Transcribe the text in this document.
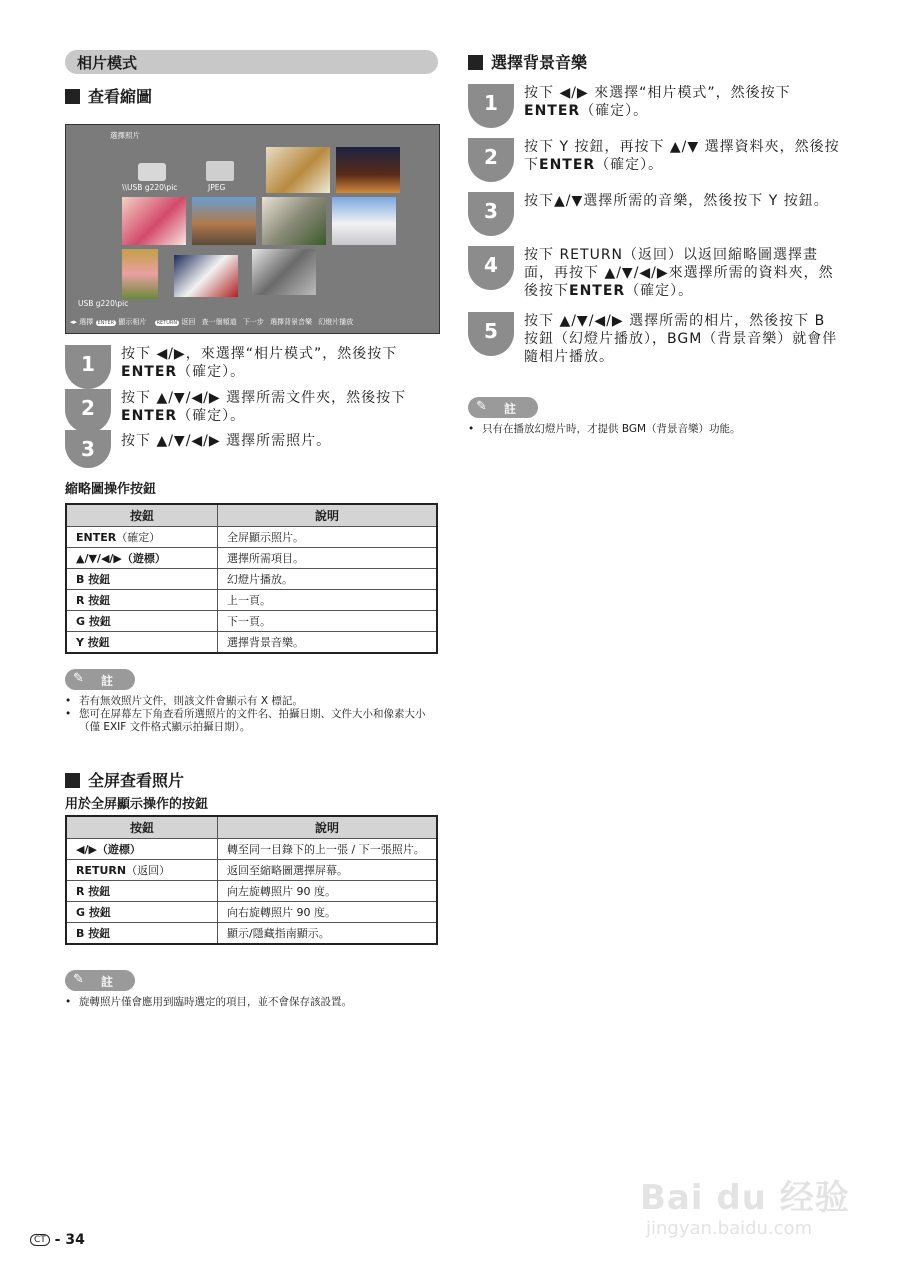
相片模式
查看縮圖
選擇照片
\\USB g220\pic	JPEG
USB g220\pic
◂▸ 選擇 ENTER 顯示相片 RETURN 返回 查一個頻道 下一步 選擇背景音樂 幻燈片播放
1	按下 ◀/▶，來選擇“相片模式”，然後按下
ENTER（確定）。
2	按下 ▲/▼/◀/▶ 選擇所需文件夾，然後按下
ENTER（確定）。
3	按下 ▲/▼/◀/▶ 選擇所需照片。
縮略圖操作按鈕
按鈕	說明
ENTER（確定）	全屏顯示照片。
▲/▼/◀/▶（遊標）	選擇所需項目。
B 按鈕	幻燈片播放。
R 按鈕	上一頁。
G 按鈕	下一頁。
Y 按鈕	選擇背景音樂。
✎ 註
• 若有無效照片文件，則該文件會顯示有 X 標記。
• 您可在屏幕左下角查看所選照片的文件名、拍攝日期、文件大小和像素大小（僅 EXIF 文件格式顯示拍攝日期）。
全屏查看照片
用於全屏顯示操作的按鈕
按鈕	說明
◀/▶（遊標）	轉至同一目錄下的上一張 / 下一張照片。
RETURN（返回）	返回至縮略圖選擇屏幕。
R 按鈕	向左旋轉照片 90 度。
G 按鈕	向右旋轉照片 90 度。
B 按鈕	顯示/隱藏指南顯示。
✎ 註
• 旋轉照片僅會應用到臨時選定的項目，並不會保存該設置。
選擇背景音樂
1	按下 ◀/▶ 來選擇“相片模式”，然後按下
ENTER（確定）。
2	按下 Y 按鈕，再按下 ▲/▼ 選擇資料夾，然後按下ENTER（確定）。
3	按下▲/▼選擇所需的音樂，然後按下 Y 按鈕。
4	按下 RETURN（返回）以返回縮略圖選擇畫面，再按下 ▲/▼/◀/▶來選擇所需的資料夾，然後按下ENTER（確定）。
5	按下 ▲/▼/◀/▶ 選擇所需的相片，然後按下 B 按鈕（幻燈片播放），BGM（背景音樂）就會伴隨相片播放。
✎ 註
• 只有在播放幻燈片時，才提供 BGM（背景音樂）功能。
CT - 34
Bai du 经验
jingyan.baidu.com
